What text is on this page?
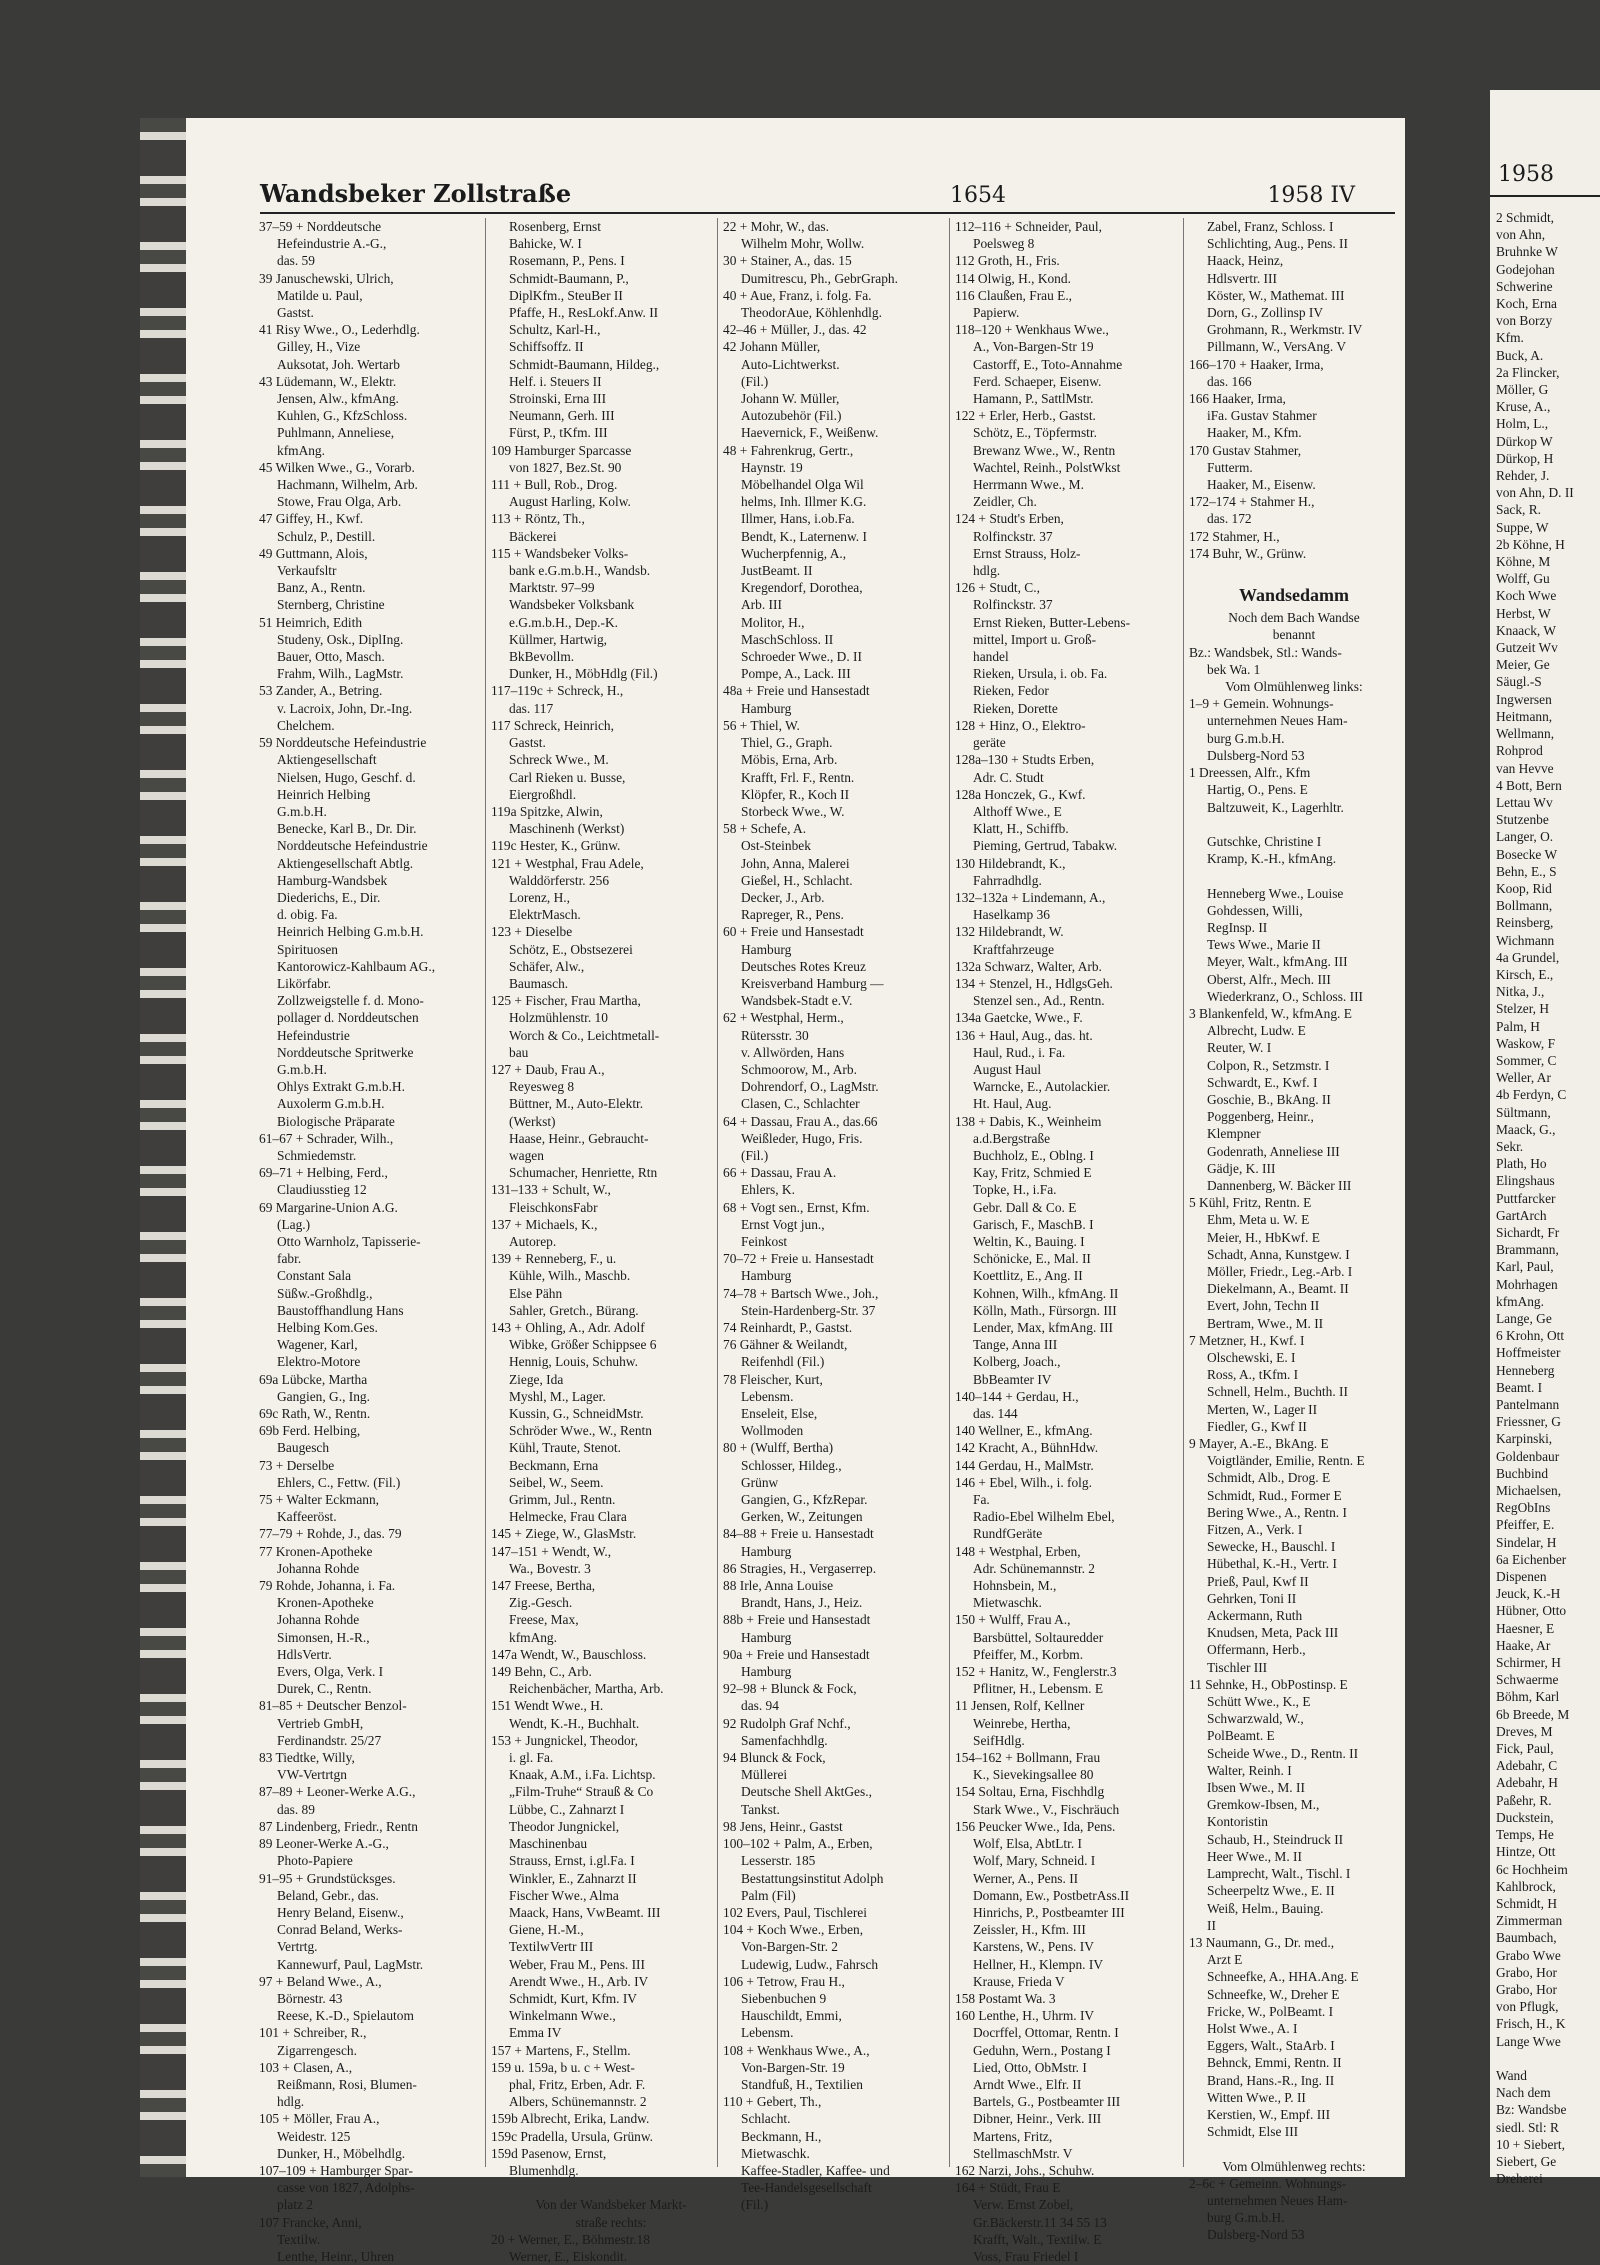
Wandsbeker Zollstraße	1654	1958 IV
37–59 + Norddeutsche
Hefeindustrie A.-G.,
das. 59
39 Januschewski, Ulrich,
Matilde u. Paul,
Gastst.
41 Risy Wwe., O., Lederhdlg.
Gilley, H., Vize
Auksotat, Joh. Wertarb
43 Lüdemann, W., Elektr.
Jensen, Alw., kfmAng.
Kuhlen, G., KfzSchloss.
Puhlmann, Anneliese,
kfmAng.
45 Wilken Wwe., G., Vorarb.
Hachmann, Wilhelm, Arb.
Stowe, Frau Olga, Arb.
47 Giffey, H., Kwf.
Schulz, P., Destill.
49 Guttmann, Alois,
Verkaufsltr
Banz, A., Rentn.
Sternberg, Christine
51 Heimrich, Edith
Studeny, Osk., DiplIng.
Bauer, Otto, Masch.
Frahm, Wilh., LagMstr.
53 Zander, A., Betring.
v. Lacroix, John, Dr.-Ing.
Chelchem.
59 Norddeutsche Hefeindustrie
Aktiengesellschaft
Nielsen, Hugo, Geschf. d.
Heinrich Helbing
G.m.b.H.
Benecke, Karl B., Dr. Dir.
Norddeutsche Hefeindustrie
Aktiengesellschaft Abtlg.
Hamburg-Wandsbek
Diederichs, E., Dir.
d. obig. Fa.
Heinrich Helbing G.m.b.H.
Spirituosen
Kantorowicz-Kahlbaum AG.,
Likörfabr.
Zollzweigstelle f. d. Mono-
pollager d. Norddeutschen
Hefeindustrie
Norddeutsche Spritwerke
G.m.b.H.
Ohlys Extrakt G.m.b.H.
Auxolerm G.m.b.H.
Biologische Präparate
61–67 + Schrader, Wilh.,
Schmiedemstr.
69–71 + Helbing, Ferd.,
Claudiusstieg 12
69 Margarine-Union A.G.
(Lag.)
Otto Warnholz, Tapisserie-
fabr.
Constant Sala
Süßw.-Großhdlg.,
Baustoffhandlung Hans
Helbing Kom.Ges.
Wagener, Karl,
Elektro-Motore
69a Lübcke, Martha
Gangien, G., Ing.
69c Rath, W., Rentn.
69b Ferd. Helbing,
Baugesch
73 + Derselbe
Ehlers, C., Fettw. (Fil.)
75 + Walter Eckmann,
Kaffeeröst.
77–79 + Rohde, J., das. 79
77 Kronen-Apotheke
Johanna Rohde
79 Rohde, Johanna, i. Fa.
Kronen-Apotheke
Johanna Rohde
Simonsen, H.-R.,
HdlsVertr.
Evers, Olga, Verk. I
Durek, C., Rentn.
81–85 + Deutscher Benzol-
Vertrieb GmbH,
Ferdinandstr. 25/27
83 Tiedtke, Willy,
VW-Vertrtgn
87–89 + Leoner-Werke A.G.,
das. 89
87 Lindenberg, Friedr., Rentn
89 Leoner-Werke A.-G.,
Photo-Papiere
91–95 + Grundstücksges.
Beland, Gebr., das.
Henry Beland, Eisenw.,
Conrad Beland, Werks-
Vertrtg.
Kannewurf, Paul, LagMstr.
97 + Beland Wwe., A.,
Börnestr. 43
Reese, K.-D., Spielautom
101 + Schreiber, R.,
Zigarrengesch.
103 + Clasen, A.,
Reißmann, Rosi, Blumen-
hdlg.
105 + Möller, Frau A.,
Weidestr. 125
Dunker, H., Möbelhdlg.
107–109 + Hamburger Spar-
casse von 1827, Adolphs-
platz 2
107 Francke, Anni,
Textilw.
Lenthe, Heinr., Uhren
Rosenberg, Ernst
Bahicke, W. I
Rosemann, P., Pens. I
Schmidt-Baumann, P.,
DiplKfm., SteuBer II
Pfaffe, H., ResLokf.Anw. II
Schultz, Karl-H.,
Schiffsoffz. II
Schmidt-Baumann, Hildeg.,
Helf. i. Steuers II
Stroinski, Erna III
Neumann, Gerh. III
Fürst, P., tKfm. III
109 Hamburger Sparcasse
von 1827, Bez.St. 90
111 + Bull, Rob., Drog.
August Harling, Kolw.
113 + Röntz, Th.,
Bäckerei
115 + Wandsbeker Volks-
bank e.G.m.b.H., Wandsb.
Marktstr. 97–99
Wandsbeker Volksbank
e.G.m.b.H., Dep.-K.
Küllmer, Hartwig,
BkBevollm.
Dunker, H., MöbHdlg (Fil.)
117–119c + Schreck, H.,
das. 117
117 Schreck, Heinrich,
Gastst.
Schreck Wwe., M.
Carl Rieken u. Busse,
Eiergroßhdl.
119a Spitzke, Alwin,
Maschinenh (Werkst)
119c Hester, K., Grünw.
121 + Westphal, Frau Adele,
Walddörferstr. 256
Lorenz, H.,
ElektrMasch.
123 + Dieselbe
Schötz, E., Obstsezerei
Schäfer, Alw.,
Baumasch.
125 + Fischer, Frau Martha,
Holzmühlenstr. 10
Worch & Co., Leichtmetall-
bau
127 + Daub, Frau A.,
Reyesweg 8
Büttner, M., Auto-Elektr.
(Werkst)
Haase, Heinr., Gebraucht-
wagen
Schumacher, Henriette, Rtn
131–133 + Schult, W.,
FleischkonsFabr
137 + Michaels, K.,
Autorep.
139 + Renneberg, F., u.
Kühle, Wilh., Maschb.
Else Pähn
Sahler, Gretch., Bürang.
143 + Ohling, A., Adr. Adolf
Wibke, Größer Schippsee 6
Hennig, Louis, Schuhw.
Ziege, Ida
Myshl, M., Lager.
Kussin, G., SchneidMstr.
Schröder Wwe., W., Rentn
Kühl, Traute, Stenot.
Beckmann, Erna
Seibel, W., Seem.
Grimm, Jul., Rentn.
Helmecke, Frau Clara
145 + Ziege, W., GlasMstr.
147–151 + Wendt, W.,
Wa., Bovestr. 3
147 Freese, Bertha,
Zig.-Gesch.
Freese, Max,
kfmAng.
147a Wendt, W., Bauschloss.
149 Behn, C., Arb.
Reichenbächer, Martha, Arb.
151 Wendt Wwe., H.
Wendt, K.-H., Buchhalt.
153 + Jungnickel, Theodor,
i. gl. Fa.
Knaak, A.M., i.Fa. Lichtsp.
„Film-Truhe“ Strauß & Co
Lübbe, C., Zahnarzt I
Theodor Jungnickel,
Maschinenbau
Strauss, Ernst, i.gl.Fa. I
Winkler, E., Zahnarzt II
Fischer Wwe., Alma
Maack, Hans, VwBeamt. III
Giene, H.-M.,
TextilwVertr III
Weber, Frau M., Pens. III
Arendt Wwe., H., Arb. IV
Schmidt, Kurt, Kfm. IV
Winkelmann Wwe.,
Emma IV
157 + Martens, F., Stellm.
159 u. 159a, b u. c + West-
phal, Fritz, Erben, Adr. F.
Albers, Schünemannstr. 2
159b Albrecht, Erika, Landw.
159c Pradella, Ursula, Grünw.
159d Pasenow, Ernst,
Blumenhdlg.

Von der Wandsbeker Markt-
straße rechts:
20 + Werner, E., Böhmestr.18
Werner, E., Eiskondit.
22 + Mohr, W., das.
Wilhelm Mohr, Wollw.
30 + Stainer, A., das. 15
Dumitrescu, Ph., GebrGraph.
40 + Aue, Franz, i. folg. Fa.
TheodorAue, Köhlenhdlg.
42–46 + Müller, J., das. 42
42 Johann Müller,
Auto-Lichtwerkst.
(Fil.)
Johann W. Müller,
Autozubehör (Fil.)
Haevernick, F., Weißenw.
48 + Fahrenkrug, Gertr.,
Haynstr. 19
Möbelhandel Olga Wil
helms, Inh. Illmer K.G.
Illmer, Hans, i.ob.Fa.
Bendt, K., Laternenw. I
Wucherpfennig, A.,
JustBeamt. II
Kregendorf, Dorothea,
Arb. III
Molitor, H.,
MaschSchloss. II
Schroeder Wwe., D. II
Pompe, A., Lack. III
48a + Freie und Hansestadt
Hamburg
56 + Thiel, W.
Thiel, G., Graph.
Möbis, Erna, Arb.
Krafft, Frl. F., Rentn.
Klöpfer, R., Koch II
Storbeck Wwe., W.
58 + Schefe, A.
Ost-Steinbek
John, Anna, Malerei
Gießel, H., Schlacht.
Decker, J., Arb.
Rapreger, R., Pens.
60 + Freie und Hansestadt
Hamburg
Deutsches Rotes Kreuz
Kreisverband Hamburg —
Wandsbek-Stadt e.V.
62 + Westphal, Herm.,
Rütersstr. 30
v. Allwörden, Hans
Schmoorow, M., Arb.
Dohrendorf, O., LagMstr.
Clasen, C., Schlachter
64 + Dassau, Frau A., das.66
Weißleder, Hugo, Fris.
(Fil.)
66 + Dassau, Frau A.
Ehlers, K.
68 + Vogt sen., Ernst, Kfm.
Ernst Vogt jun.,
Feinkost
70–72 + Freie u. Hansestadt
Hamburg
74–78 + Bartsch Wwe., Joh.,
Stein-Hardenberg-Str. 37
74 Reinhardt, P., Gastst.
76 Gähner & Weilandt,
Reifenhdl (Fil.)
78 Fleischer, Kurt,
Lebensm.
Enseleit, Else,
Wollmoden
80 + (Wulff, Bertha)
Schlosser, Hildeg.,
Grünw
Gangien, G., KfzRepar.
Gerken, W., Zeitungen
84–88 + Freie u. Hansestadt
Hamburg
86 Stragies, H., Vergaserrep.
88 Irle, Anna Louise
Brandt, Hans, J., Heiz.
88b + Freie und Hansestadt
Hamburg
90a + Freie und Hansestadt
Hamburg
92–98 + Blunck & Fock,
das. 94
92 Rudolph Graf Nchf.,
Samenfachhdlg.
94 Blunck & Fock,
Müllerei
Deutsche Shell AktGes.,
Tankst.
98 Jens, Heinr., Gastst
100–102 + Palm, A., Erben,
Lesserstr. 185
Bestattungsinstitut Adolph
Palm (Fil)
102 Evers, Paul, Tischlerei
104 + Koch Wwe., Erben,
Von-Bargen-Str. 2
Ludewig, Ludw., Fahrsch
106 + Tetrow, Frau H.,
Siebenbuchen 9
Hauschildt, Emmi,
Lebensm.
108 + Wenkhaus Wwe., A.,
Von-Bargen-Str. 19
Standfuß, H., Textilien
110 + Gebert, Th.,
Schlacht.
Beckmann, H.,
Mietwaschk.
Kaffee-Stadler, Kaffee- und
Tee-Handelsgesellschaft
(Fil.)
112–116 + Schneider, Paul,
Poelsweg 8
112 Groth, H., Fris.
114 Olwig, H., Kond.
116 Claußen, Frau E.,
Papierw.
118–120 + Wenkhaus Wwe.,
A., Von-Bargen-Str 19
Castorff, E., Toto-Annahme
Ferd. Schaeper, Eisenw.
Hamann, P., SattlMstr.
122 + Erler, Herb., Gastst.
Schötz, E., Töpfermstr.
Brewanz Wwe., W., Rentn
Wachtel, Reinh., PolstWkst
Herrmann Wwe., M.
Zeidler, Ch.
124 + Studt's Erben,
Rolfinckstr. 37
Ernst Strauss, Holz-
hdlg.
126 + Studt, C.,
Rolfinckstr. 37
Ernst Rieken, Butter-Lebens-
mittel, Import u. Groß-
handel
Rieken, Ursula, i. ob. Fa.
Rieken, Fedor
Rieken, Dorette
128 + Hinz, O., Elektro-
geräte
128a–130 + Studts Erben,
Adr. C. Studt
128a Honczek, G., Kwf.
Althoff Wwe., E
Klatt, H., Schiffb.
Pieming, Gertrud, Tabakw.
130 Hildebrandt, K.,
Fahrradhdlg.
132–132a + Lindemann, A.,
Haselkamp 36
132 Hildebrandt, W.
Kraftfahrzeuge
132a Schwarz, Walter, Arb.
134 + Stenzel, H., HdlgsGeh.
Stenzel sen., Ad., Rentn.
134a Gaetcke, Wwe., F.
136 + Haul, Aug., das. ht.
Haul, Rud., i. Fa.
August Haul
Warncke, E., Autolackier.
Ht. Haul, Aug.
138 + Dabis, K., Weinheim
a.d.Bergstraße
Buchholz, E., Oblng. I
Kay, Fritz, Schmied E
Topke, H., i.Fa.
Gebr. Dall & Co. E
Garisch, F., MaschB. I
Weltin, K., Bauing. I
Schönicke, E., Mal. II
Koettlitz, E., Ang. II
Kohnen, Wilh., kfmAng. II
Kölln, Math., Fürsorgn. III
Lender, Max, kfmAng. III
Tange, Anna III
Kolberg, Joach.,
BbBeamter IV
140–144 + Gerdau, H.,
das. 144
140 Wellner, E., kfmAng.
142 Kracht, A., BühnHdw.
144 Gerdau, H., MalMstr.
146 + Ebel, Wilh., i. folg.
Fa.
Radio-Ebel Wilhelm Ebel,
RundfGeräte
148 + Westphal, Erben,
Adr. Schünemannstr. 2
Hohnsbein, M.,
Mietwaschk.
150 + Wulff, Frau A.,
Barsbüttel, Soltauredder
Pfeiffer, M., Korbm.
152 + Hanitz, W., Fenglerstr.3
Pflitner, H., Lebensm. E
11 Jensen, Rolf, Kellner
Weinrebe, Hertha,
SeifHdlg.
154–162 + Bollmann, Frau
K., Sievekingsallee 80
154 Soltau, Erna, Fischhdlg
Stark Wwe., V., Fischräuch
156 Peucker Wwe., Ida, Pens.
Wolf, Elsa, AbtLtr. I
Wolf, Mary, Schneid. I
Werner, A., Pens. II
Domann, Ew., PostbetrAss.II
Hinrichs, P., Postbeamter III
Zeissler, H., Kfm. III
Karstens, W., Pens. IV
Hellner, H., Klempn. IV
Krause, Frieda V
158 Postamt Wa. 3
160 Lenthe, H., Uhrm. IV
Docrffel, Ottomar, Rentn. I
Geduhn, Wern., Postang I
Lied, Otto, ObMstr. I
Arndt Wwe., Elfr. II
Bartels, G., Postbeamter III
Dibner, Heinr., Verk. III
Martens, Fritz,
StellmaschMstr. V
162 Narzi, Johs., Schuhw.
164 + Stüdt, Frau E
Verw. Ernst Zobel,
Gr.Bäckerstr.11 34 55 13
Krafft, Walt., Textilw. E
Voss, Frau Friedel I
Zabel, Franz, Schloss. I
Schlichting, Aug., Pens. II
Haack, Heinz,
Hdlsvertr. III
Köster, W., Mathemat. III
Dorn, G., Zollinsp IV
Grohmann, R., Werkmstr. IV
Pillmann, W., VersAng. V
166–170 + Haaker, Irma,
das. 166
166 Haaker, Irma,
iFa. Gustav Stahmer
Haaker, M., Kfm.
170 Gustav Stahmer,
Futterm.
Haaker, M., Eisenw.
172–174 + Stahmer H.,
das. 172
172 Stahmer, H.,
174 Buhr, W., Grünw.

Wandsedamm
Noch dem Bach Wandse
benannt
Bz.: Wandsbek, Stl.: Wands-
bek Wa. 1
Vom Olmühlenweg links:
1–9 + Gemein. Wohnungs-
unternehmen Neues Ham-
burg G.m.b.H.
Dulsberg-Nord 53
1 Dreessen, Alfr., Kfm
Hartig, O., Pens. E
Baltzuweit, K., Lagerhltr.

Gutschke, Christine I
Kramp, K.-H., kfmAng.

Henneberg Wwe., Louise
Gohdessen, Willi,
RegInsp. II
Tews Wwe., Marie II
Meyer, Walt., kfmAng. III
Oberst, Alfr., Mech. III
Wiederkranz, O., Schloss. III
3 Blankenfeld, W., kfmAng. E
Albrecht, Ludw. E
Reuter, W. I
Colpon, R., Setzmstr. I
Schwardt, E., Kwf. I
Goschie, B., BkAng. II
Poggenberg, Heinr.,
Klempner
Godenrath, Anneliese III
Gädje, K. III
Dannenberg, W. Bäcker III
5 Kühl, Fritz, Rentn. E
Ehm, Meta u. W. E
Meier, H., HbKwf. E
Schadt, Anna, Kunstgew. I
Möller, Friedr., Leg.-Arb. I
Diekelmann, A., Beamt. II
Evert, John, Techn II
Bertram, Wwe., M. II
7 Metzner, H., Kwf. I
Olschewski, E. I
Ross, A., tKfm. I
Schnell, Helm., Buchth. II
Merten, W., Lager II
Fiedler, G., Kwf II
9 Mayer, A.-E., BkAng. E
Voigtländer, Emilie, Rentn. E
Schmidt, Alb., Drog. E
Schmidt, Rud., Former E
Bering Wwe., A., Rentn. I
Fitzen, A., Verk. I
Sewecke, H., Bauschl. I
Hübethal, K.-H., Vertr. I
Prieß, Paul, Kwf II
Gehrken, Toni II
Ackermann, Ruth
Knudsen, Meta, Pack III
Offermann, Herb.,
Tischler III
11 Sehnke, H., ObPostinsp. E
Schütt Wwe., K., E
Schwarzwald, W.,
PolBeamt. E
Scheide Wwe., D., Rentn. II
Walter, Reinh. I
Ibsen Wwe., M. II
Gremkow-Ibsen, M.,
Kontoristin
Schaub, H., Steindruck II
Heer Wwe., M. II
Lamprecht, Walt., Tischl. I
Scheerpeltz Wwe., E. II
Weiß, Helm., Bauing.
II
13 Naumann, G., Dr. med.,
Arzt E
Schneefke, A., HHA.Ang. E
Schneefke, W., Dreher E
Fricke, W., PolBeamt. I
Holst Wwe., A. I
Eggers, Walt., StaArb. I
Behnck, Emmi, Rentn. II
Brand, Hans.-R., Ing. II
Witten Wwe., P. II
Kerstien, W., Empf. III
Schmidt, Else III

Vom Olmühlenweg rechts:
2–6c + Gemeinn. Wohnungs-
unternehmen Neues Ham-
burg G.m.b.H.
Dulsberg-Nord 53
1958
2 Schmidt,
von Ahn,
Bruhnke W
Godejohan
Schwerine
Koch, Erna
von Borzy
Kfm.
Buck, A.
2a Flincker,
Möller, G
Kruse, A.,
Holm, L.,
Dürkop W
Dürkop, H
Rehder, J.
von Ahn, D. II
Sack, R.
Suppe, W
2b Köhne, H
Köhne, M
Wolff, Gu
Koch Wwe
Herbst, W
Knaack, W
Gutzeit Wv
Meier, Ge
Säugl.-S
Ingwersen
Heitmann,
Wellmann,
Rohprod
van Hevve
4 Bott, Bern
Lettau Wv
Stutzenbe
Langer, O.
Bosecke W
Behn, E., S
Koop, Rid
Bollmann,
Reinsberg,
Wichmann
4a Grundel,
Kirsch, E.,
Nitka, J.,
Stelzer, H
Palm, H
Waskow, F
Sommer, C
Weller, Ar
4b Ferdyn, C
Sültmann,
Maack, G.,
Sekr.
Plath, Ho
Elingshaus
Puttfarcker
GartArch
Sichardt, Fr
Brammann,
Karl, Paul,
Mohrhagen
kfmAng.
Lange, Ge
6 Krohn, Ott
Hoffmeister
Henneberg
Beamt. I
Pantelmann
Friessner, G
Karpinski,
Goldenbaur
Buchbind
Michaelsen,
RegObIns
Pfeiffer, E.
Sindelar, H
6a Eichenber
Dispenen
Jeuck, K.-H
Hübner, Otto
Haesner, E
Haake, Ar
Schirmer, H
Schwaerme
Böhm, Karl
6b Breede, M
Dreves, M
Fick, Paul,
Adebahr, C
Adebahr, H
Paßehr, R.
Duckstein,
Temps, He
Hintze, Ott
6c Hochheim
Kahlbrock,
Schmidt, H
Zimmerman
Baumbach,
Grabo Wwe
Grabo, Hor
Grabo, Hor
von Pflugk,
Frisch, H., K
Lange Wwe

Wand
Nach dem
Bz: Wandsbe
siedl. Stl: R
10 + Siebert,
Siebert, Ge
Dreherei
